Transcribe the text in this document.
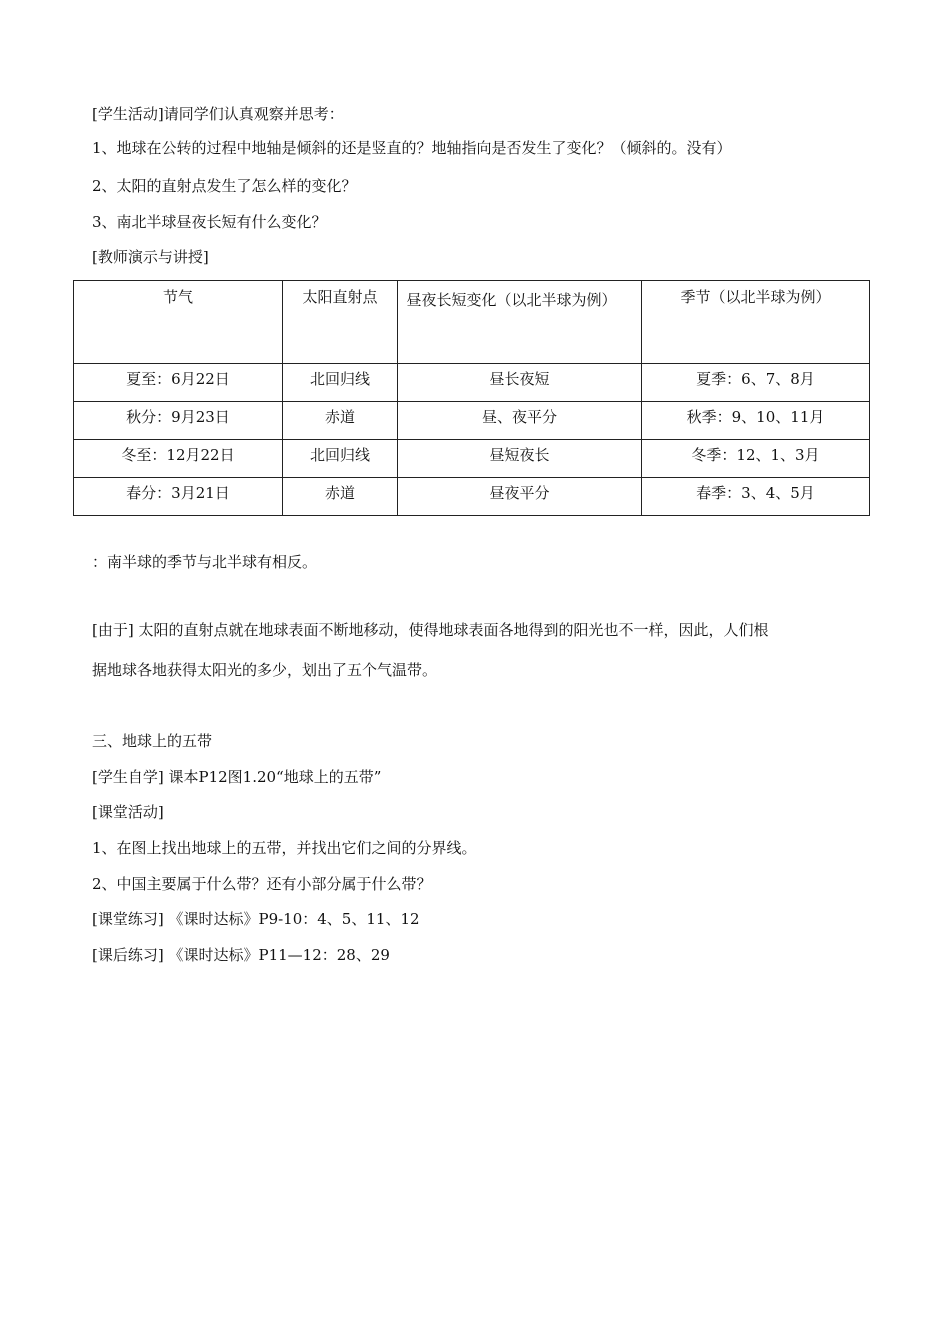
[学生活动]请同学们认真观察并思考：
1、地球在公转的过程中地轴是倾斜的还是竖直的？地轴指向是否发生了变化？（倾斜的。没有）
2、太阳的直射点发生了怎么样的变化？
3、南北半球昼夜长短有什么变化？
[教师演示与讲授]
节气	太阳直射点	昼夜长短变化（以北半球为例）	季节（以北半球为例）
夏至：6月22日	北回归线	昼长夜短	夏季：6、7、8月
秋分：9月23日	赤道	昼、夜平分	秋季：9、10、11月
冬至：12月22日	北回归线	昼短夜长	冬季：12、1、3月
春分：3月21日	赤道	昼夜平分	春季：3、4、5月
：南半球的季节与北半球有相反。
[由于] 太阳的直射点就在地球表面不断地移动，使得地球表面各地得到的阳光也不一样，因此，人们根
据地球各地获得太阳光的多少，划出了五个气温带。
三、地球上的五带
[学生自学] 课本P12图1.20“地球上的五带”
[课堂活动]
1、在图上找出地球上的五带，并找出它们之间的分界线。
2、中国主要属于什么带？还有小部分属于什么带？
[课堂练习] 《课时达标》P9-10：4、5、11、12
[课后练习] 《课时达标》P11—12：28、29
